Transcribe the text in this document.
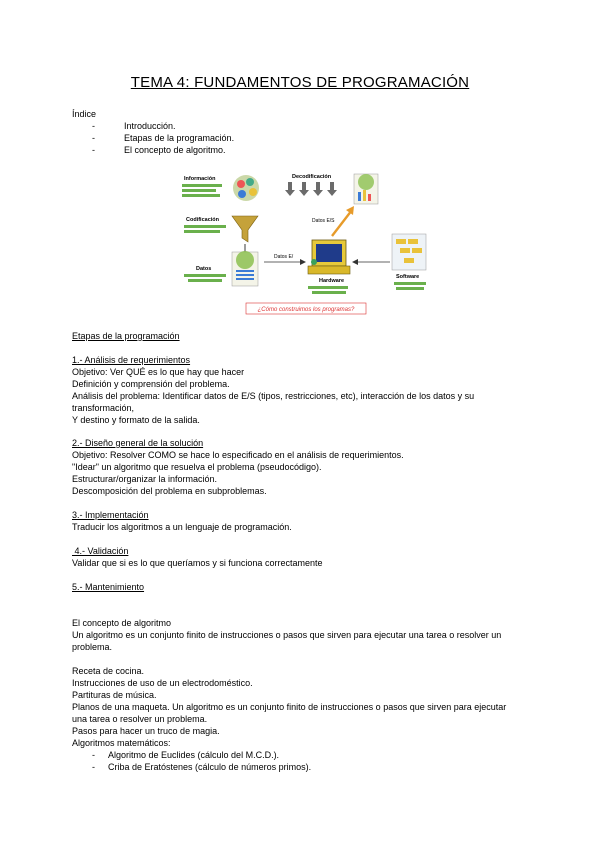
TEMA 4: FUNDAMENTOS DE PROGRAMACIÓN
Índice
-	Introducción.
-	Etapas de la programación.
-	El concepto de algoritmo.
Información	Decodificación
Codificación	Datos E/S
Datos
Datos E/
Hardware
Software
¿Cómo construimos los programas?
Etapas de la programación
1.- Análisis de requerimientos
Objetivo: Ver QUÉ es lo que hay que hacer
Definición y comprensión del problema.
Análisis del problema: Identificar datos de E/S (tipos, restricciones, etc), interacción de los datos y su
transformación,
Y destino y formato de la salida.
2.- Diseño general de la solución
Objetivo: Resolver COMO se hace lo especificado en el análisis de requerimientos.
"Idear" un algoritmo que resuelva el problema (pseudocódigo).
Estructurar/organizar la información.
Descomposición del problema en subproblemas.
3.- Implementación
Traducir los algoritmos a un lenguaje de programación.
4.- Validación
Validar que si es lo que queríamos y si funciona correctamente
5.- Mantenimiento
El concepto de algoritmo
Un algoritmo es un conjunto finito de instrucciones o pasos que sirven para ejecutar una tarea o resolver un
problema.
Receta de cocina.
Instrucciones de uso de un electrodoméstico.
Partituras de música.
Planos de una maqueta. Un algoritmo es un conjunto finito de instrucciones o pasos que sirven para ejecutar
una tarea o resolver un problema.
Pasos para hacer un truco de magia.
Algoritmos matemáticos:
- Algoritmo de Euclides (cálculo del M.C.D.).
- Criba de Eratóstenes (cálculo de números primos).
